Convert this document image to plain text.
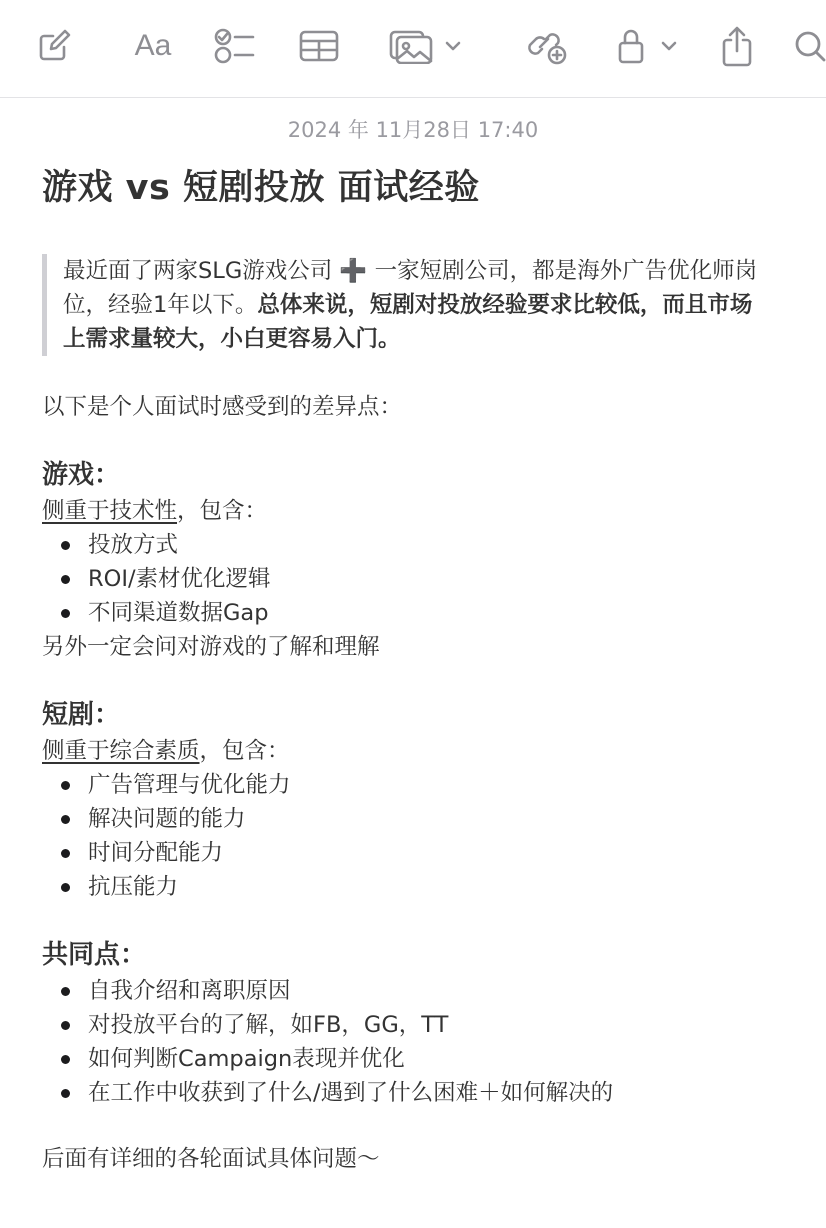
Aa
2024 年 11月28日 17:40
游戏 vs 短剧投放 面试经验
最近面了两家SLG游戏公司 ➕ 一家短剧公司，都是海外广告优化师岗位，经验1年以下。总体来说，短剧对投放经验要求比较低，而且市场上需求量较大，小白更容易入门。
以下是个人面试时感受到的差异点：
游戏：
侧重于技术性，包含：
投放方式
ROI/素材优化逻辑
不同渠道数据Gap
另外一定会问对游戏的了解和理解
短剧：
侧重于综合素质，包含：
广告管理与优化能力
解决问题的能力
时间分配能力
抗压能力
共同点：
自我介绍和离职原因
对投放平台的了解，如FB，GG，TT
如何判断Campaign表现并优化
在工作中收获到了什么/遇到了什么困难＋如何解决的
后面有详细的各轮面试具体问题～
